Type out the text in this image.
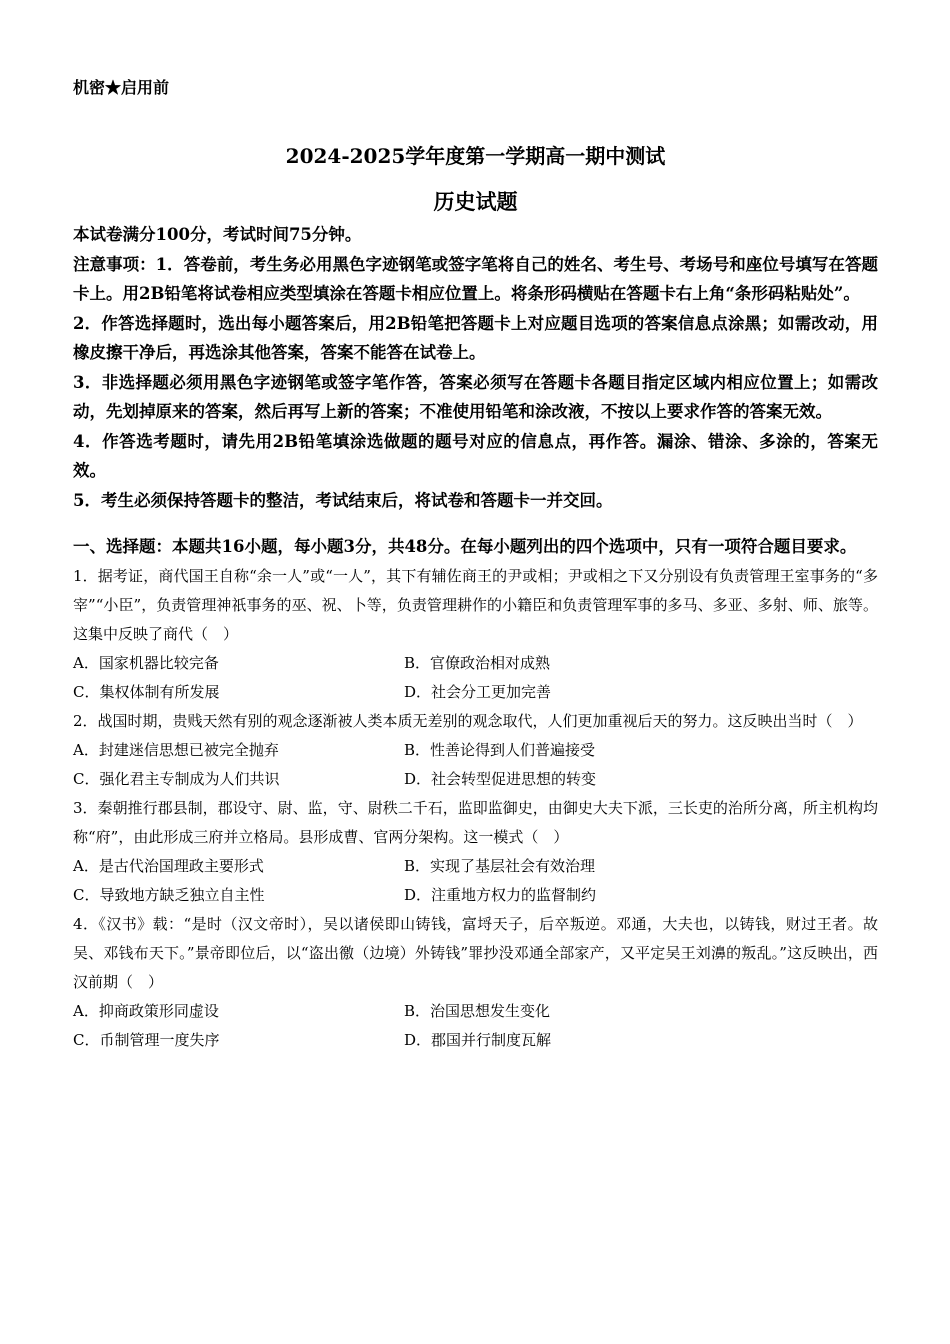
机密★启用前
2024-2025学年度第一学期高一期中测试
历史试题

本试卷满分100分，考试时间75分钟。

注意事项：1．答卷前，考生务必用黑色字迹钢笔或签字笔将自己的姓名、考生号、考场号和座位号填写在答题卡上。用2B铅笔将试卷相应类型填涂在答题卡相应位置上。将条形码横贴在答题卡右上角“条形码粘贴处”。

2．作答选择题时，选出每小题答案后，用2B铅笔把答题卡上对应题目选项的答案信息点涂黑；如需改动，用橡皮擦干净后，再选涂其他答案，答案不能答在试卷上。

3．非选择题必须用黑色字迹钢笔或签字笔作答，答案必须写在答题卡各题目指定区域内相应位置上；如需改动，先划掉原来的答案，然后再写上新的答案；不准使用铅笔和涂改液，不按以上要求作答的答案无效。

4．作答选考题时，请先用2B铅笔填涂选做题的题号对应的信息点，再作答。漏涂、错涂、多涂的，答案无效。

5．考生必须保持答题卡的整洁，考试结束后，将试卷和答题卡一并交回。

一、选择题：本题共16小题，每小题3分，共48分。在每小题列出的四个选项中，只有一项符合题目要求。

1．据考证，商代国王自称“余一人”或“一人”，其下有辅佐商王的尹或相；尹或相之下又分别设有负责管理王室事务的“多宰”“小臣”，负责管理神祇事务的巫、祝、卜等，负责管理耕作的小籍臣和负责管理军事的多马、多亚、多射、师、旅等。这集中反映了商代（　）

A．国家机器比较完备	B．官僚政治相对成熟
C．集权体制有所发展	D．社会分工更加完善

2．战国时期，贵贱天然有别的观念逐渐被人类本质无差别的观念取代，人们更加重视后天的努力。这反映出当时（　）

A．封建迷信思想已被完全抛弃	B．性善论得到人们普遍接受
C．强化君主专制成为人们共识	D．社会转型促进思想的转变

3．秦朝推行郡县制，郡设守、尉、监，守、尉秩二千石，监即监御史，由御史大夫下派，三长吏的治所分离，所主机构均称“府”，由此形成三府并立格局。县形成曹、官两分架构。这一模式（　）

A．是古代治国理政主要形式	B．实现了基层社会有效治理
C．导致地方缺乏独立自主性	D．注重地方权力的监督制约

4．《汉书》载：“是时（汉文帝时），吴以诸侯即山铸钱，富埒天子，后卒叛逆。邓通，大夫也，以铸钱，财过王者。故吴、邓钱布天下。”景帝即位后，以“盗出徼（边境）外铸钱”罪抄没邓通全部家产，又平定吴王刘濞的叛乱。”这反映出，西汉前期（　）

A．抑商政策形同虚设	B．治国思想发生变化
C．币制管理一度失序	D．郡国并行制度瓦解
